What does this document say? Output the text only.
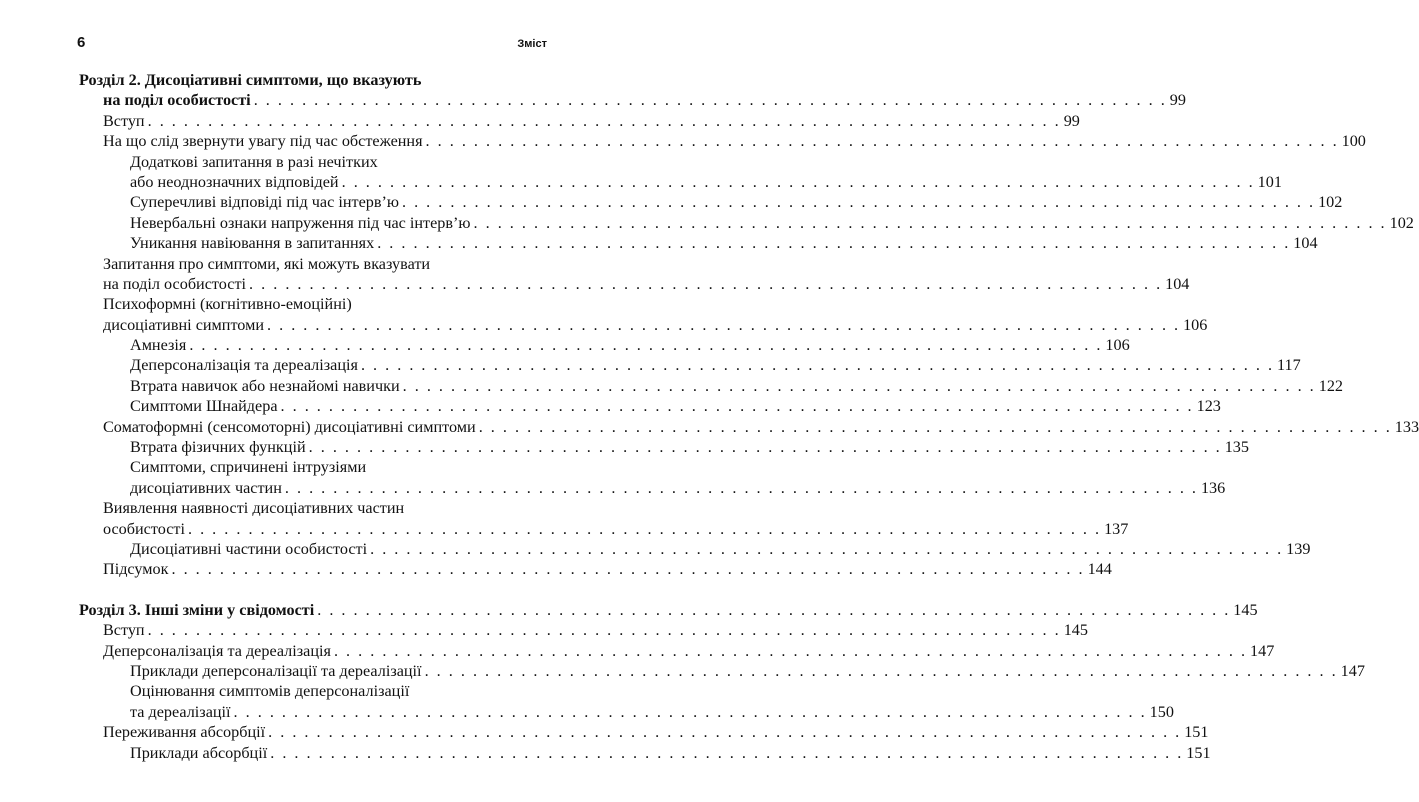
6	Зміст
Розділ 2. Дисоціативні симптоми, що вказують
на поділ особистості . . . . . . . . . . . . . . . . . . . . . . . . . . . . . . . . . . . . . . . . . . . . . . . . . . . . . . . . . . . . . . . . . . . . . . . . . . . . 99
Вступ . . . . . . . . . . . . . . . . . . . . . . . . . . . . . . . . . . . . . . . . . . . . . . . . . . . . . . . . . . . . . . . . . . . . . . . . . . . . 99
На що слід звернути увагу під час обстеження . . . . . . . . . . . . . . . . . . . . . . . . . . . . . . . . . . . . . . . . . . . . . . . . . . . . . . . . . . . . . . . . . . . . . . . . . . . . 100
Додаткові запитання в разі нечітких
або неоднозначних відповідей . . . . . . . . . . . . . . . . . . . . . . . . . . . . . . . . . . . . . . . . . . . . . . . . . . . . . . . . . . . . . . . . . . . . . . . . . . . . 101
Суперечливі відповіді під час інтерв’ю . . . . . . . . . . . . . . . . . . . . . . . . . . . . . . . . . . . . . . . . . . . . . . . . . . . . . . . . . . . . . . . . . . . . . . . . . . . . 102
Невербальні ознаки напруження під час інтерв’ю . . . . . . . . . . . . . . . . . . . . . . . . . . . . . . . . . . . . . . . . . . . . . . . . . . . . . . . . . . . . . . . . . . . . . . . . . . . . 102
Уникання навіювання в запитаннях . . . . . . . . . . . . . . . . . . . . . . . . . . . . . . . . . . . . . . . . . . . . . . . . . . . . . . . . . . . . . . . . . . . . . . . . . . . . 104
Запитання про симптоми, які можуть вказувати
на поділ особистості . . . . . . . . . . . . . . . . . . . . . . . . . . . . . . . . . . . . . . . . . . . . . . . . . . . . . . . . . . . . . . . . . . . . . . . . . . . . 104
Психоформні (когнітивно-емоційні)
дисоціативні симптоми . . . . . . . . . . . . . . . . . . . . . . . . . . . . . . . . . . . . . . . . . . . . . . . . . . . . . . . . . . . . . . . . . . . . . . . . . . . . 106
Амнезія . . . . . . . . . . . . . . . . . . . . . . . . . . . . . . . . . . . . . . . . . . . . . . . . . . . . . . . . . . . . . . . . . . . . . . . . . . . . 106
Деперсоналізація та дереалізація . . . . . . . . . . . . . . . . . . . . . . . . . . . . . . . . . . . . . . . . . . . . . . . . . . . . . . . . . . . . . . . . . . . . . . . . . . . . 117
Втрата навичок або незнайомі навички . . . . . . . . . . . . . . . . . . . . . . . . . . . . . . . . . . . . . . . . . . . . . . . . . . . . . . . . . . . . . . . . . . . . . . . . . . . . 122
Симптоми Шнайдера . . . . . . . . . . . . . . . . . . . . . . . . . . . . . . . . . . . . . . . . . . . . . . . . . . . . . . . . . . . . . . . . . . . . . . . . . . . . 123
Соматоформні (сенсомоторні) дисоціативні симптоми . . . . . . . . . . . . . . . . . . . . . . . . . . . . . . . . . . . . . . . . . . . . . . . . . . . . . . . . . . . . . . . . . . . . . . . . . . . . 133
Втрата фізичних функцій . . . . . . . . . . . . . . . . . . . . . . . . . . . . . . . . . . . . . . . . . . . . . . . . . . . . . . . . . . . . . . . . . . . . . . . . . . . . 135
Симптоми, спричинені інтрузіями
дисоціативних частин . . . . . . . . . . . . . . . . . . . . . . . . . . . . . . . . . . . . . . . . . . . . . . . . . . . . . . . . . . . . . . . . . . . . . . . . . . . . 136
Виявлення наявності дисоціативних частин
особистості . . . . . . . . . . . . . . . . . . . . . . . . . . . . . . . . . . . . . . . . . . . . . . . . . . . . . . . . . . . . . . . . . . . . . . . . . . . . 137
Дисоціативні частини особистості . . . . . . . . . . . . . . . . . . . . . . . . . . . . . . . . . . . . . . . . . . . . . . . . . . . . . . . . . . . . . . . . . . . . . . . . . . . . 139
Підсумок . . . . . . . . . . . . . . . . . . . . . . . . . . . . . . . . . . . . . . . . . . . . . . . . . . . . . . . . . . . . . . . . . . . . . . . . . . . . 144
Розділ 3. Інші зміни у свідомості . . . . . . . . . . . . . . . . . . . . . . . . . . . . . . . . . . . . . . . . . . . . . . . . . . . . . . . . . . . . . . . . . . . . . . . . . . . . 145
Вступ . . . . . . . . . . . . . . . . . . . . . . . . . . . . . . . . . . . . . . . . . . . . . . . . . . . . . . . . . . . . . . . . . . . . . . . . . . . . 145
Деперсоналізація та дереалізація . . . . . . . . . . . . . . . . . . . . . . . . . . . . . . . . . . . . . . . . . . . . . . . . . . . . . . . . . . . . . . . . . . . . . . . . . . . . 147
Приклади деперсоналізації та дереалізації . . . . . . . . . . . . . . . . . . . . . . . . . . . . . . . . . . . . . . . . . . . . . . . . . . . . . . . . . . . . . . . . . . . . . . . . . . . . 147
Оцінювання симптомів деперсоналізації
та дереалізації . . . . . . . . . . . . . . . . . . . . . . . . . . . . . . . . . . . . . . . . . . . . . . . . . . . . . . . . . . . . . . . . . . . . . . . . . . . . 150
Переживання абсорбції . . . . . . . . . . . . . . . . . . . . . . . . . . . . . . . . . . . . . . . . . . . . . . . . . . . . . . . . . . . . . . . . . . . . . . . . . . . . 151
Приклади абсорбції . . . . . . . . . . . . . . . . . . . . . . . . . . . . . . . . . . . . . . . . . . . . . . . . . . . . . . . . . . . . . . . . . . . . . . . . . . . . 151
